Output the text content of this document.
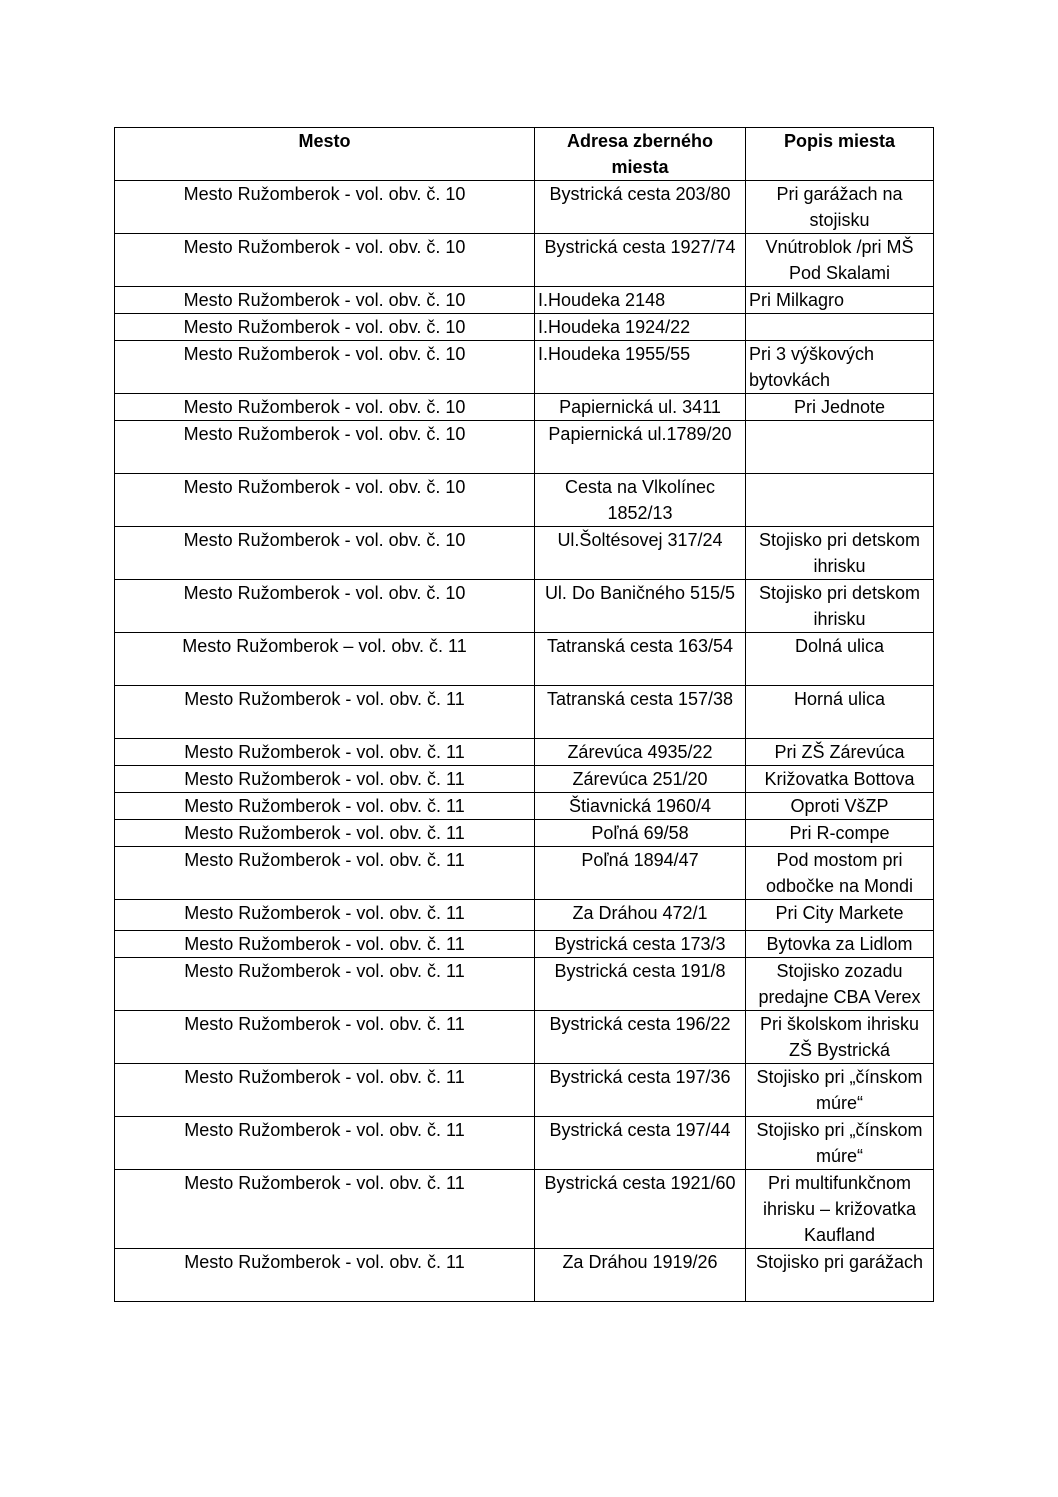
Mesto	Adresa zberného miesta	Popis miesta
Mesto Ružomberok - vol. obv. č. 10	Bystrická cesta 203/80	Pri garážach na stojisku
Mesto Ružomberok - vol. obv. č. 10	Bystrická cesta 1927/74	Vnútroblok /pri MŠ Pod Skalami
Mesto Ružomberok - vol. obv. č. 10	I.Houdeka 2148	Pri Milkagro
Mesto Ružomberok - vol. obv. č. 10	I.Houdeka 1924/22	
Mesto Ružomberok - vol. obv. č. 10	I.Houdeka 1955/55	Pri 3 výškových bytovkách
Mesto Ružomberok - vol. obv. č. 10	Papiernická ul. 3411	Pri Jednote
Mesto Ružomberok - vol. obv. č. 10	Papiernická ul.1789/20	
Mesto Ružomberok - vol. obv. č. 10	Cesta na Vlkolínec 1852/13	
Mesto Ružomberok - vol. obv. č. 10	Ul.Šoltésovej 317/24	Stojisko pri detskom ihrisku
Mesto Ružomberok - vol. obv. č. 10	Ul. Do Baničného 515/5	Stojisko pri detskom ihrisku
Mesto Ružomberok – vol. obv. č. 11	Tatranská cesta 163/54	Dolná ulica
Mesto Ružomberok - vol. obv. č. 11	Tatranská cesta 157/38	Horná ulica
Mesto Ružomberok - vol. obv. č. 11	Zárevúca 4935/22	Pri ZŠ Zárevúca
Mesto Ružomberok - vol. obv. č. 11	Zárevúca 251/20	Križovatka Bottova
Mesto Ružomberok - vol. obv. č. 11	Štiavnická 1960/4	Oproti VšZP
Mesto Ružomberok - vol. obv. č. 11	Poľná 69/58	Pri R-compe
Mesto Ružomberok - vol. obv. č. 11	Poľná 1894/47	Pod mostom pri odbočke na Mondi
Mesto Ružomberok - vol. obv. č. 11	Za Dráhou 472/1	Pri City Markete
Mesto Ružomberok - vol. obv. č. 11	Bystrická cesta 173/3	Bytovka za Lidlom
Mesto Ružomberok - vol. obv. č. 11	Bystrická cesta 191/8	Stojisko zozadu predajne CBA Verex
Mesto Ružomberok - vol. obv. č. 11	Bystrická cesta 196/22	Pri školskom ihrisku ZŠ Bystrická
Mesto Ružomberok - vol. obv. č. 11	Bystrická cesta 197/36	Stojisko pri „čínskom múre“
Mesto Ružomberok - vol. obv. č. 11	Bystrická cesta 197/44	Stojisko pri „čínskom múre“
Mesto Ružomberok - vol. obv. č. 11	Bystrická cesta 1921/60	Pri multifunkčnom ihrisku – križovatka Kaufland
Mesto Ružomberok - vol. obv. č. 11	Za Dráhou 1919/26	Stojisko pri garážach
